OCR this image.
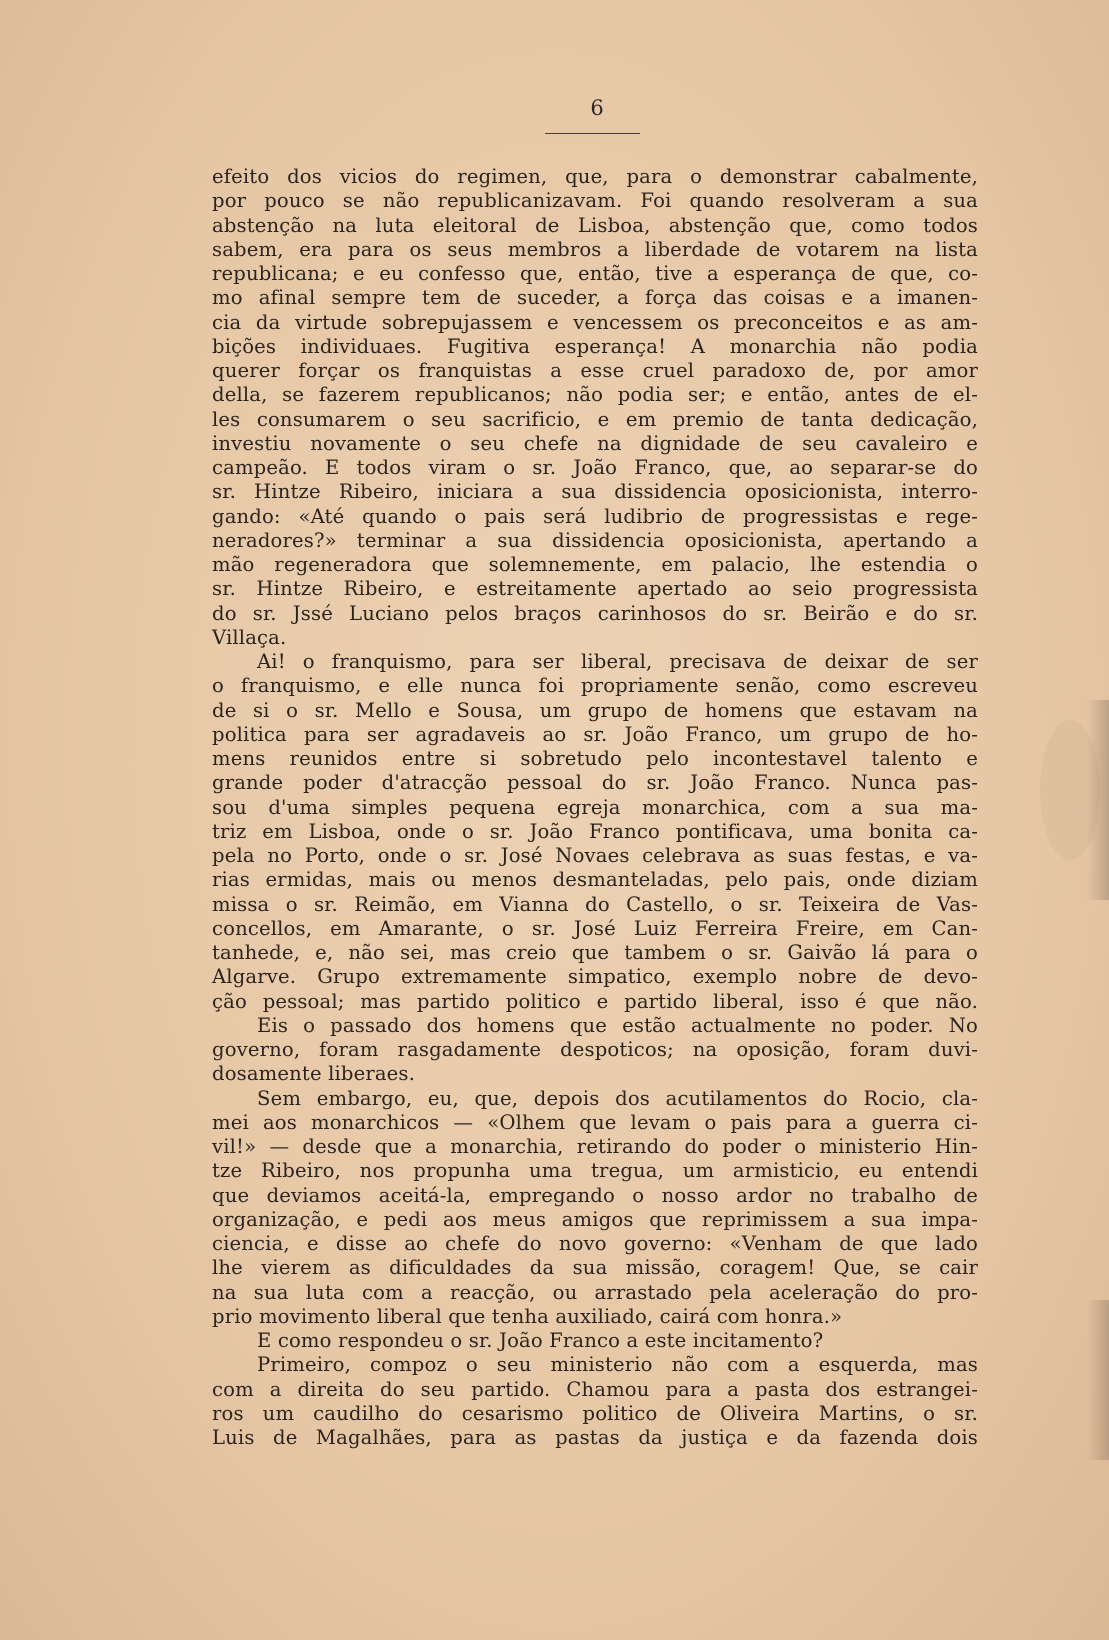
6
efeito dos vicios do regimen, que, para o demonstrar cabalmente,
por pouco se não republicanizavam. Foi quando resolveram a sua
abstenção na luta eleitoral de Lisboa, abstenção que, como todos
sabem, era para os seus membros a liberdade de votarem na lista
republicana; e eu confesso que, então, tive a esperança de que, co-
mo afinal sempre tem de suceder, a força das coisas e a imanen-
cia da virtude sobrepujassem e vencessem os preconceitos e as am-
bições individuaes. Fugitiva esperança! A monarchia não podia
querer forçar os franquistas a esse cruel paradoxo de, por amor
della, se fazerem republicanos; não podia ser; e então, antes de el-
les consumarem o seu sacrificio, e em premio de tanta dedicação,
investiu novamente o seu chefe na dignidade de seu cavaleiro e
campeão. E todos viram o sr. João Franco, que, ao separar-se do
sr. Hintze Ribeiro, iniciara a sua dissidencia oposicionista, interro-
gando: «Até quando o pais será ludibrio de progressistas e rege-
neradores?» terminar a sua dissidencia oposicionista, apertando a
mão regeneradora que solemnemente, em palacio, lhe estendia o
sr. Hintze Ribeiro, e estreitamente apertado ao seio progressista
do sr. Jssé Luciano pelos braços carinhosos do sr. Beirão e do sr.
Villaça.
Ai! o franquismo, para ser liberal, precisava de deixar de ser
o franquismo, e elle nunca foi propriamente senão, como escreveu
de si o sr. Mello e Sousa, um grupo de homens que estavam na
politica para ser agradaveis ao sr. João Franco, um grupo de ho-
mens reunidos entre si sobretudo pelo incontestavel talento e
grande poder d'atracção pessoal do sr. João Franco. Nunca pas-
sou d'uma simples pequena egreja monarchica, com a sua ma-
triz em Lisboa, onde o sr. João Franco pontificava, uma bonita ca-
pela no Porto, onde o sr. José Novaes celebrava as suas festas, e va-
rias ermidas, mais ou menos desmanteladas, pelo pais, onde diziam
missa o sr. Reimão, em Vianna do Castello, o sr. Teixeira de Vas-
concellos, em Amarante, o sr. José Luiz Ferreira Freire, em Can-
tanhede, e, não sei, mas creio que tambem o sr. Gaivão lá para o
Algarve. Grupo extremamente simpatico, exemplo nobre de devo-
ção pessoal; mas partido politico e partido liberal, isso é que não.
Eis o passado dos homens que estão actualmente no poder. No
governo, foram rasgadamente despoticos; na oposição, foram duvi-
dosamente liberaes.
Sem embargo, eu, que, depois dos acutilamentos do Rocio, cla-
mei aos monarchicos — «Olhem que levam o pais para a guerra ci-
vil!» — desde que a monarchia, retirando do poder o ministerio Hin-
tze Ribeiro, nos propunha uma tregua, um armisticio, eu entendi
que deviamos aceitá-la, empregando o nosso ardor no trabalho de
organização, e pedi aos meus amigos que reprimissem a sua impa-
ciencia, e disse ao chefe do novo governo: «Venham de que lado
lhe vierem as dificuldades da sua missão, coragem! Que, se cair
na sua luta com a reacção, ou arrastado pela aceleração do pro-
prio movimento liberal que tenha auxiliado, cairá com honra.»
E como respondeu o sr. João Franco a este incitamento?
Primeiro, compoz o seu ministerio não com a esquerda, mas
com a direita do seu partido. Chamou para a pasta dos estrangei-
ros um caudilho do cesarismo politico de Oliveira Martins, o sr.
Luis de Magalhães, para as pastas da justiça e da fazenda dois
